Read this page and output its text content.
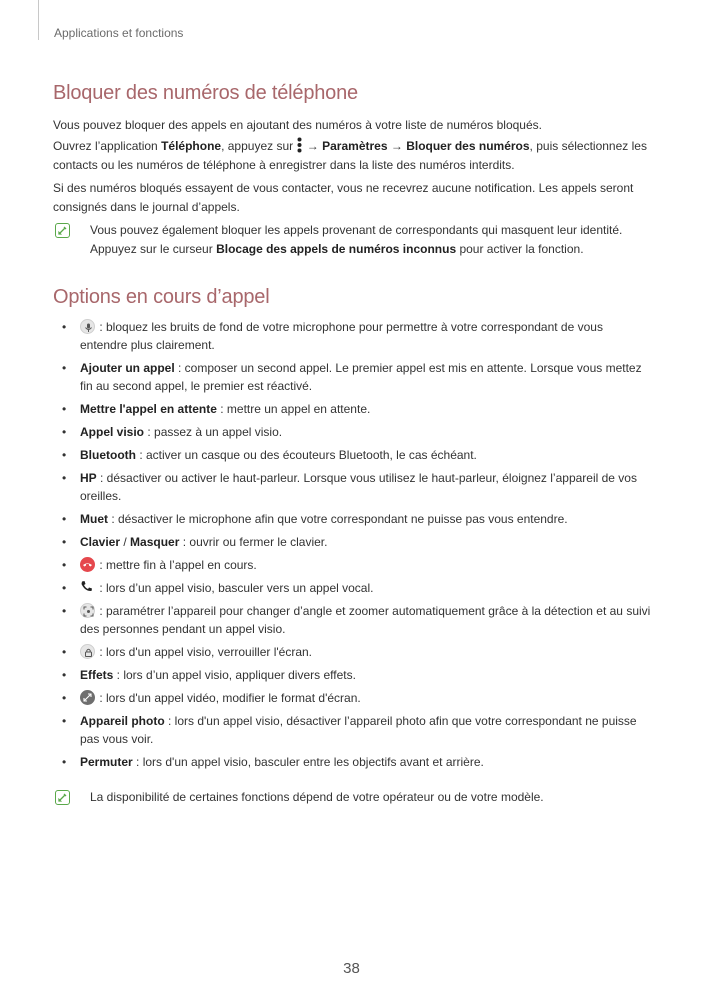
Applications et fonctions
Bloquer des numéros de téléphone

Vous pouvez bloquer des appels en ajoutant des numéros à votre liste de numéros bloqués.

Ouvrez l’application Téléphone, appuyez sur  → Paramètres → Bloquer des numéros, puis sélectionnez les
contacts ou les numéros de téléphone à enregistrer dans la liste des numéros interdits.

Si des numéros bloqués essayent de vous contacter, vous ne recevrez aucune notification. Les appels seront consignés dans le journal d’appels.

Vous pouvez également bloquer les appels provenant de correspondants qui masquent leur identité. Appuyez sur le curseur Blocage des appels de numéros inconnus pour activer la fonction.
Options en cours d’appel
• : bloquez les bruits de fond de votre microphone pour permettre à votre correspondant de vous entendre plus clairement.
• Ajouter un appel : composer un second appel. Le premier appel est mis en attente. Lorsque vous mettez fin au second appel, le premier est réactivé.
• Mettre l'appel en attente : mettre un appel en attente.
• Appel visio : passez à un appel visio.
• Bluetooth : activer un casque ou des écouteurs Bluetooth, le cas échéant.
• HP : désactiver ou activer le haut-parleur. Lorsque vous utilisez le haut-parleur, éloignez l’appareil de vos oreilles.
• Muet : désactiver le microphone afin que votre correspondant ne puisse pas vous entendre.
• Clavier / Masquer : ouvrir ou fermer le clavier.
• : mettre fin à l’appel en cours.
• : lors d’un appel visio, basculer vers un appel vocal.
• : paramétrer l’appareil pour changer d’angle et zoomer automatiquement grâce à la détection et au suivi des personnes pendant un appel visio.
• : lors d'un appel visio, verrouiller l'écran.
• Effets : lors d’un appel visio, appliquer divers effets.
• : lors d'un appel vidéo, modifier le format d'écran.
• Appareil photo : lors d'un appel visio, désactiver l’appareil photo afin que votre correspondant ne puisse pas vous voir.
• Permuter : lors d'un appel visio, basculer entre les objectifs avant et arrière.
La disponibilité de certaines fonctions dépend de votre opérateur ou de votre modèle.
38
